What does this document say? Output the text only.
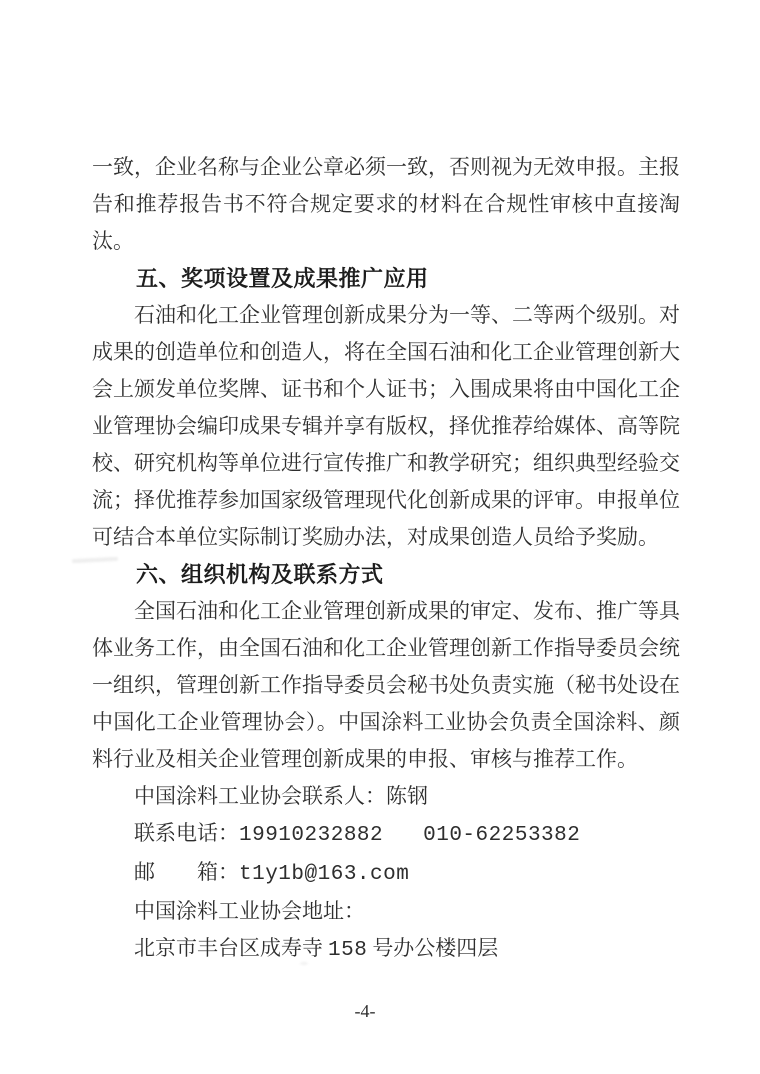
一致，企业名称与企业公章必须一致，否则视为无效申报。主报告和推荐报告书不符合规定要求的材料在合规性审核中直接淘汰。

五、奖项设置及成果推广应用

石油和化工企业管理创新成果分为一等、二等两个级别。对成果的创造单位和创造人，将在全国石油和化工企业管理创新大会上颁发单位奖牌、证书和个人证书；入围成果将由中国化工企业管理协会编印成果专辑并享有版权，择优推荐给媒体、高等院校、研究机构等单位进行宣传推广和教学研究；组织典型经验交流；择优推荐参加国家级管理现代化创新成果的评审。申报单位可结合本单位实际制订奖励办法，对成果创造人员给予奖励。

六、组织机构及联系方式

全国石油和化工企业管理创新成果的审定、发布、推广等具体业务工作，由全国石油和化工企业管理创新工作指导委员会统一组织，管理创新工作指导委员会秘书处负责实施（秘书处设在中国化工企业管理协会）。中国涂料工业协会负责全国涂料、颜料行业及相关企业管理创新成果的申报、审核与推荐工作。

中国涂料工业协会联系人：陈钢
联系电话：19910232882 010-62253382
邮　　箱：t1y1b@163.com
中国涂料工业协会地址：
北京市丰台区成寿寺 158 号办公楼四层
-4-
